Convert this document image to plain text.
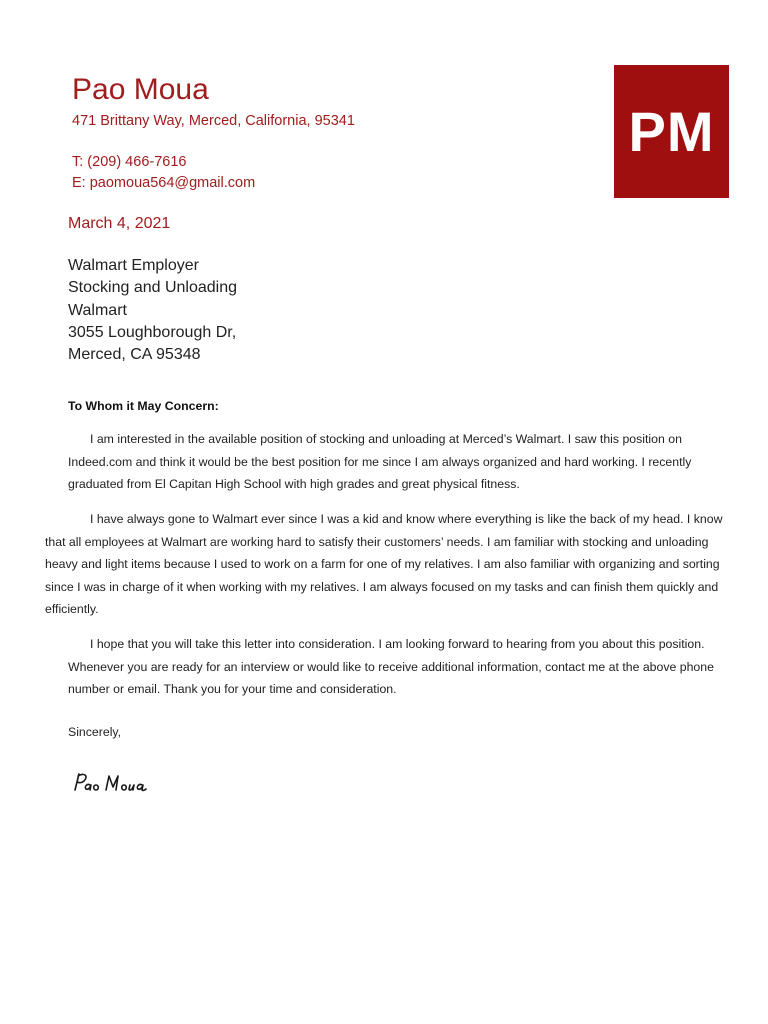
Pao Moua
471 Brittany Way, Merced, California, 95341
T: (209) 466-7616
E: paomoua564@gmail.com
PM
March 4, 2021
Walmart Employer
Stocking and Unloading
Walmart
3055 Loughborough Dr,
Merced, CA 95348
To Whom it May Concern:

I am interested in the available position of stocking and unloading at Merced’s Walmart. I saw this position on Indeed.com and think it would be the best position for me since I am always organized and hard working. I recently graduated from El Capitan High School with high grades and great physical fitness.

I have always gone to Walmart ever since I was a kid and know where everything is like the back of my head. I know that all employees at Walmart are working hard to satisfy their customers’ needs. I am familiar with stocking and unloading heavy and light items because I used to work on a farm for one of my relatives. I am also familiar with organizing and sorting since I was in charge of it when working with my relatives. I am always focused on my tasks and can finish them quickly and efficiently.

I hope that you will take this letter into consideration. I am looking forward to hearing from you about this position. Whenever you are ready for an interview or would like to receive additional information, contact me at the above phone number or email. Thank you for your time and consideration.

Sincerely,
